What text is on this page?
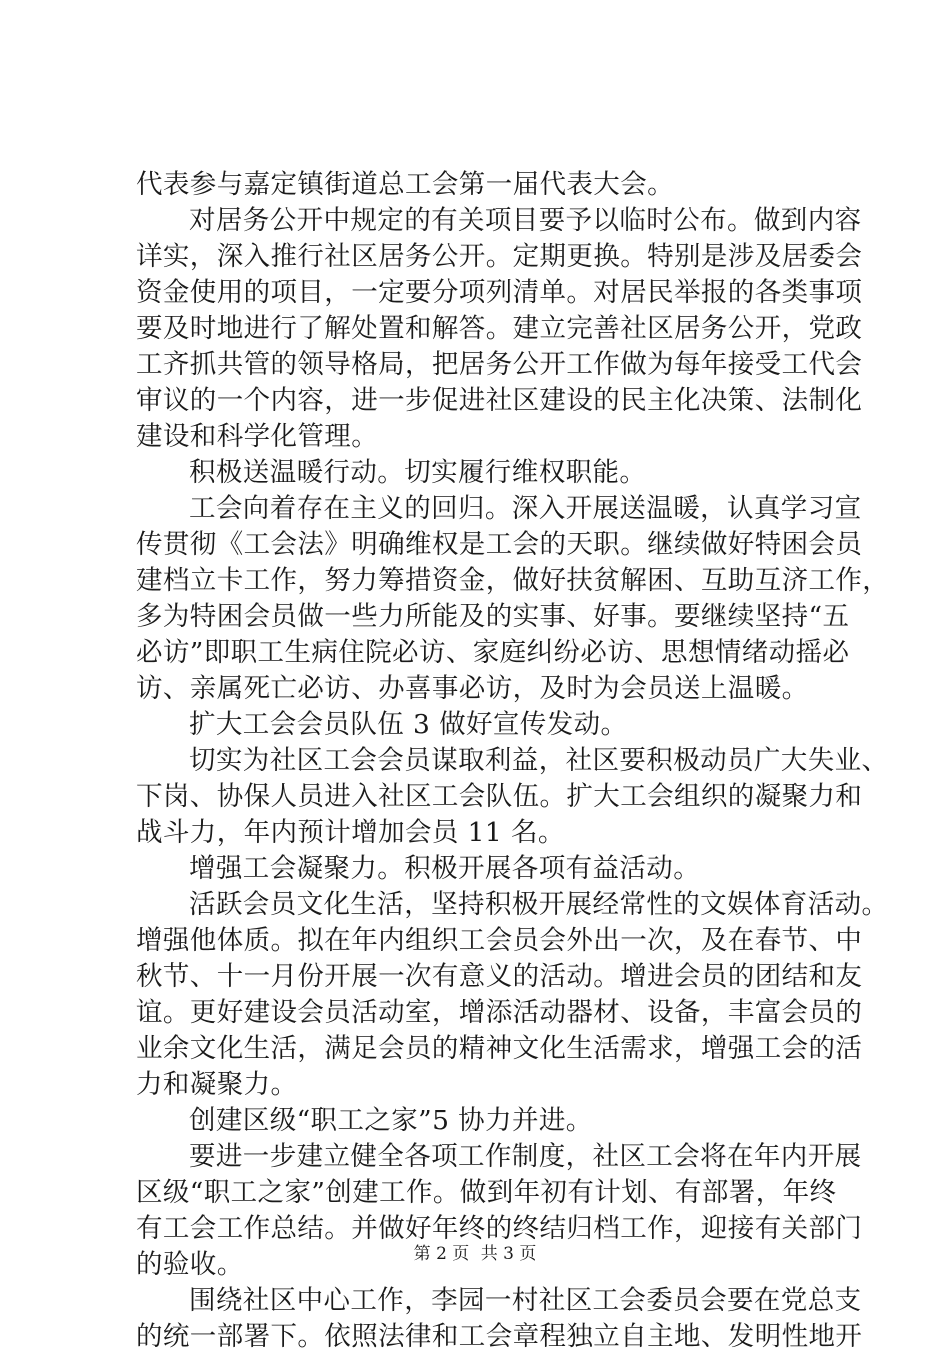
代表参与嘉定镇街道总工会第一届代表大会。
对居务公开中规定的有关项目要予以临时公布。做到内容
详实，深入推行社区居务公开。定期更换。特别是涉及居委会
资金使用的项目，一定要分项列清单。对居民举报的各类事项
要及时地进行了解处置和解答。建立完善社区居务公开，党政
工齐抓共管的领导格局，把居务公开工作做为每年接受工代会
审议的一个内容，进一步促进社区建设的民主化决策、法制化
建设和科学化管理。
积极送温暖行动。切实履行维权职能。
工会向着存在主义的回归。深入开展送温暖，认真学习宣
传贯彻《工会法》明确维权是工会的天职。继续做好特困会员
建档立卡工作，努力筹措资金，做好扶贫解困、互助互济工作，
多为特困会员做一些力所能及的实事、好事。要继续坚持“五
必访”即职工生病住院必访、家庭纠纷必访、思想情绪动摇必
访、亲属死亡必访、办喜事必访，及时为会员送上温暖。
扩大工会会员队伍 3 做好宣传发动。
切实为社区工会会员谋取利益，社区要积极动员广大失业、
下岗、协保人员进入社区工会队伍。扩大工会组织的凝聚力和
战斗力，年内预计增加会员 11 名。
增强工会凝聚力。积极开展各项有益活动。
活跃会员文化生活，坚持积极开展经常性的文娱体育活动。
增强他体质。拟在年内组织工会员会外出一次，及在春节、中
秋节、十一月份开展一次有意义的活动。增进会员的团结和友
谊。更好建设会员活动室，增添活动器材、设备，丰富会员的
业余文化生活，满足会员的精神文化生活需求，增强工会的活
力和凝聚力。
创建区级“职工之家”5 协力并进。
要进一步建立健全各项工作制度，社区工会将在年内开展
区级“职工之家”创建工作。做到年初有计划、有部署，年终
有工会工作总结。并做好年终的终结归档工作，迎接有关部门
的验收。
围绕社区中心工作，李园一村社区工会委员会要在党总支
的统一部署下。依照法律和工会章程独立自主地、发明性地开
第 2 页 共 3 页
